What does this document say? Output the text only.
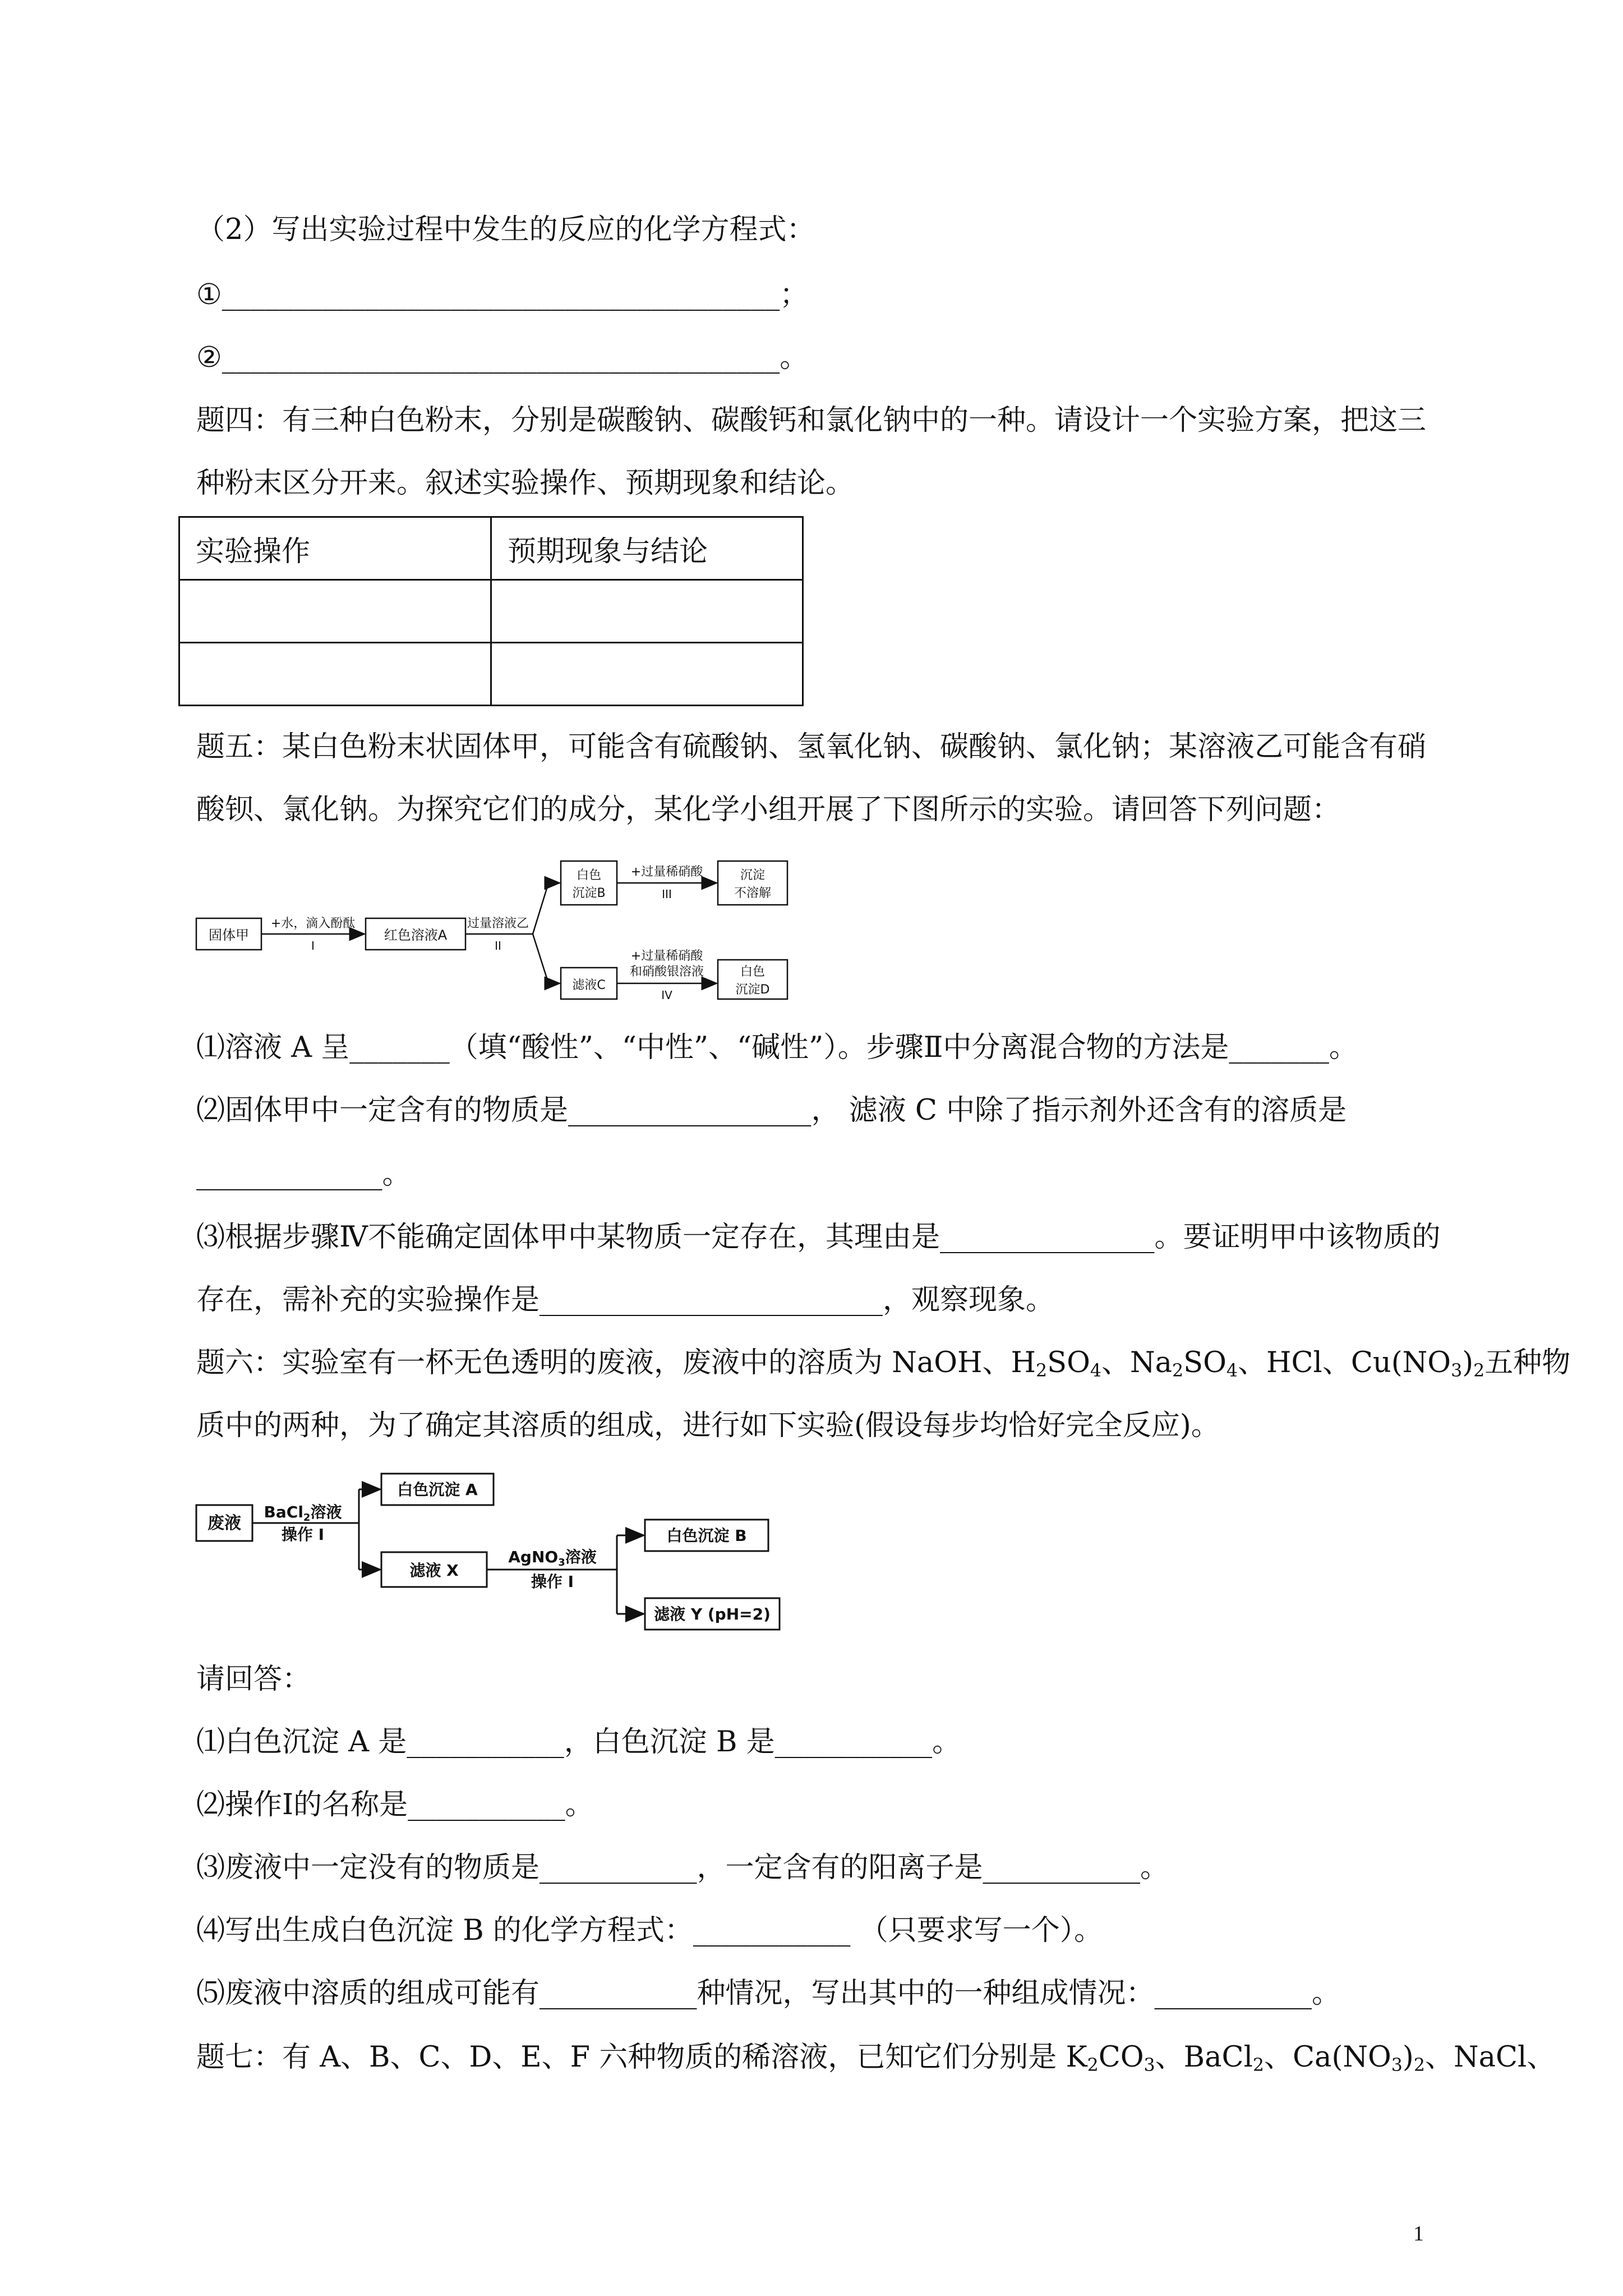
（2）写出实验过程中发生的反应的化学方程式：
①_______________________________________；
②_______________________________________。
题四：有三种白色粉末，分别是碳酸钠、碳酸钙和氯化钠中的一种。请设计一个实验方案，把这三
种粉末区分开来。叙述实验操作、预期现象和结论。
实验操作	预期现象与结论

题五：某白色粉末状固体甲，可能含有硫酸钠、氢氧化钠、碳酸钠、氯化钠；某溶液乙可能含有硝
酸钡、氯化钠。为探究它们的成分，某化学小组开展了下图所示的实验。请回答下列问题：
固体甲
+水，滴入酚酞
I
红色溶液A
过量溶液乙
II
白色
沉淀B
+过量稀硝酸
III
沉淀
不溶解
滤液C
+过量稀硝酸
和硝酸银溶液
IV
白色
沉淀D
⑴溶液 A 呈_______（填“酸性”、“中性”、“碱性”）。步骤Ⅱ中分离混合物的方法是_______。
⑵固体甲中一定含有的物质是_________________， 滤液 C 中除了指示剂外还含有的溶质是
_____________。
⑶根据步骤Ⅳ不能确定固体甲中某物质一定存在，其理由是_______________。要证明甲中该物质的
存在，需补充的实验操作是________________________，观察现象。
题六：实验室有一杯无色透明的废液，废液中的溶质为 NaOH、$H_2SO_4$、$Na_2SO_4$、HCl、$Cu(NO_3)_2$五种物
质中的两种，为了确定其溶质的组成，进行如下实验(假设每步均恰好完全反应)。
废液
BaCl$_2$溶液
操作 I
白色沉淀 A
滤液 X
AgNO$_3$溶液
操作 I
白色沉淀 B
滤液 Y (pH=2)
请回答：
⑴白色沉淀 A 是___________，白色沉淀 B 是___________。
⑵操作Ⅰ的名称是___________。
⑶废液中一定没有的物质是___________，一定含有的阳离子是___________。
⑷写出生成白色沉淀 B 的化学方程式：___________ （只要求写一个）。
⑸废液中溶质的组成可能有___________种情况，写出其中的一种组成情况：___________。
题七：有 A、B、C、D、E、F 六种物质的稀溶液，已知它们分别是 $K_2CO_3$、BaCl$_2$、$Ca(NO_3)_2$、NaCl、
1
